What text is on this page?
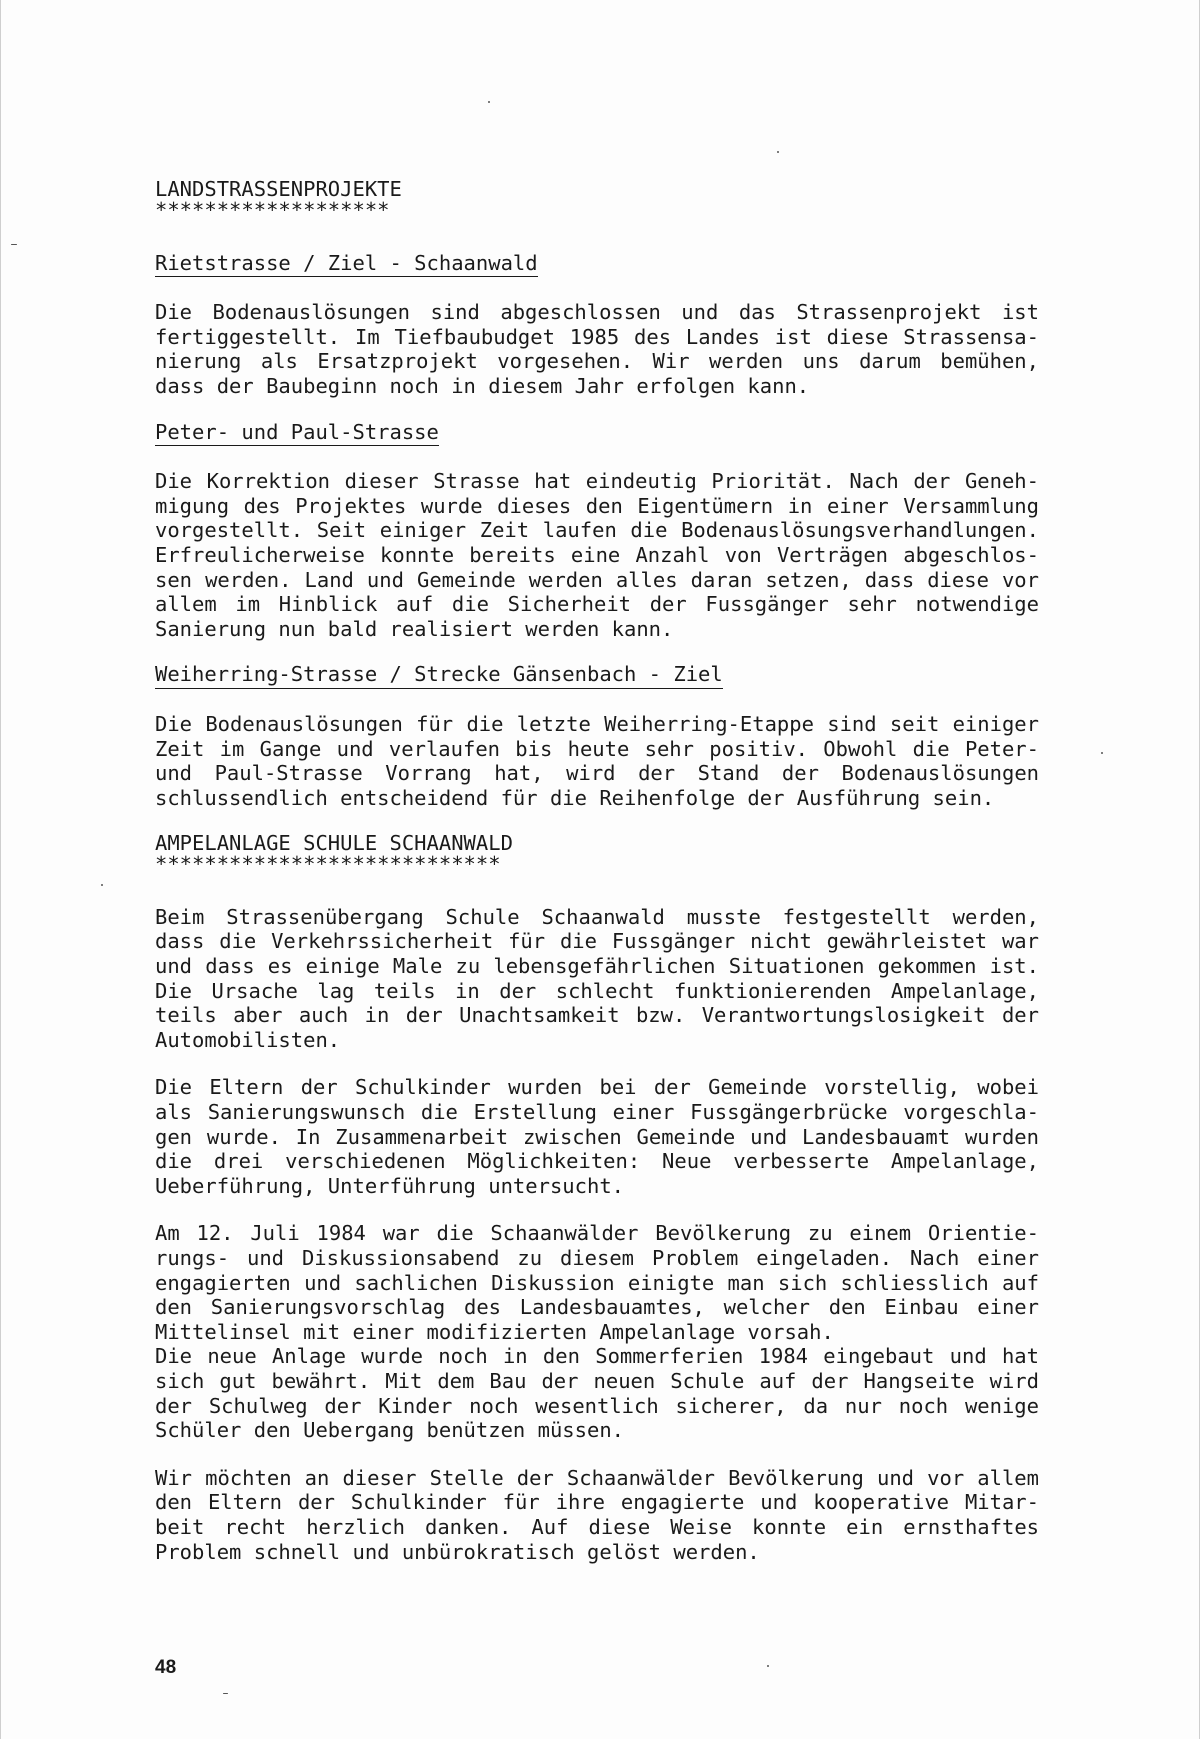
LANDSTRASSENPROJEKTE
*******************
Rietstrasse / Ziel - Schaanwald
Die Bodenauslösungen sind abgeschlossen und das Strassenprojekt ist
fertiggestellt. Im Tiefbaubudget 1985 des Landes ist diese Strassensa-
nierung als Ersatzprojekt vorgesehen. Wir werden uns darum bemühen,
dass der Baubeginn noch in diesem Jahr erfolgen kann.
Peter- und Paul-Strasse
Die Korrektion dieser Strasse hat eindeutig Priorität. Nach der Geneh-
migung des Projektes wurde dieses den Eigentümern in einer Versammlung
vorgestellt. Seit einiger Zeit laufen die Bodenauslösungsverhandlungen.
Erfreulicherweise konnte bereits eine Anzahl von Verträgen abgeschlos-
sen werden. Land und Gemeinde werden alles daran setzen, dass diese vor
allem im Hinblick auf die Sicherheit der Fussgänger sehr notwendige
Sanierung nun bald realisiert werden kann.
Weiherring-Strasse / Strecke Gänsenbach - Ziel
Die Bodenauslösungen für die letzte Weiherring-Etappe sind seit einiger
Zeit im Gange und verlaufen bis heute sehr positiv. Obwohl die Peter-
und Paul-Strasse Vorrang hat, wird der Stand der Bodenauslösungen
schlussendlich entscheidend für die Reihenfolge der Ausführung sein.
AMPELANLAGE SCHULE SCHAANWALD
****************************
Beim Strassenübergang Schule Schaanwald musste festgestellt werden,
dass die Verkehrssicherheit für die Fussgänger nicht gewährleistet war
und dass es einige Male zu lebensgefährlichen Situationen gekommen ist.
Die Ursache lag teils in der schlecht funktionierenden Ampelanlage,
teils aber auch in der Unachtsamkeit bzw. Verantwortungslosigkeit der
Automobilisten.
Die Eltern der Schulkinder wurden bei der Gemeinde vorstellig, wobei
als Sanierungswunsch die Erstellung einer Fussgängerbrücke vorgeschla-
gen wurde. In Zusammenarbeit zwischen Gemeinde und Landesbauamt wurden
die drei verschiedenen Möglichkeiten: Neue verbesserte Ampelanlage,
Ueberführung, Unterführung untersucht.
Am 12. Juli 1984 war die Schaanwälder Bevölkerung zu einem Orientie-
rungs- und Diskussionsabend zu diesem Problem eingeladen. Nach einer
engagierten und sachlichen Diskussion einigte man sich schliesslich auf
den Sanierungsvorschlag des Landesbauamtes, welcher den Einbau einer
Mittelinsel mit einer modifizierten Ampelanlage vorsah.
Die neue Anlage wurde noch in den Sommerferien 1984 eingebaut und hat
sich gut bewährt. Mit dem Bau der neuen Schule auf der Hangseite wird
der Schulweg der Kinder noch wesentlich sicherer, da nur noch wenige
Schüler den Uebergang benützen müssen.
Wir möchten an dieser Stelle der Schaanwälder Bevölkerung und vor allem
den Eltern der Schulkinder für ihre engagierte und kooperative Mitar-
beit recht herzlich danken. Auf diese Weise konnte ein ernsthaftes
Problem schnell und unbürokratisch gelöst werden.
48
